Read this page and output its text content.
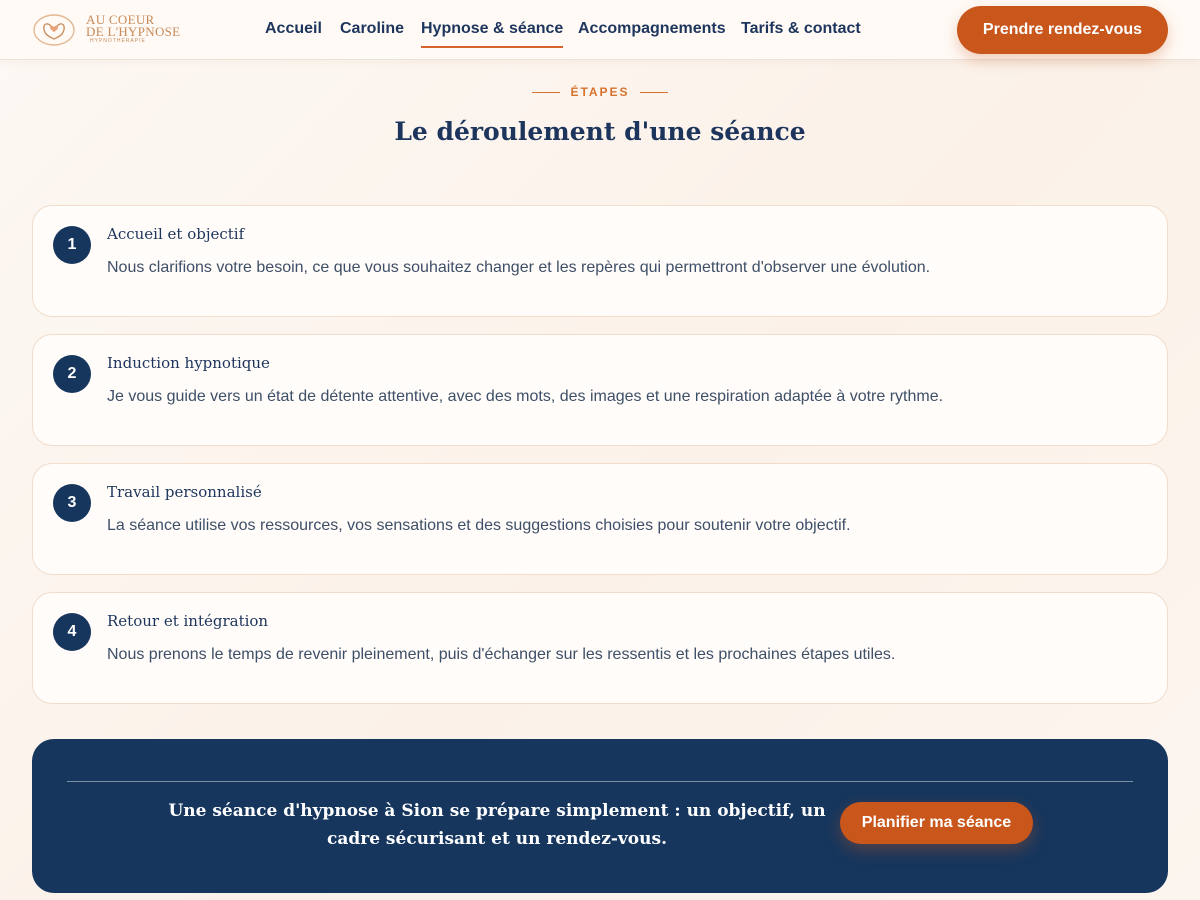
AU COEUR
DE L'HYPNOSE
HYPNOTHÉRAPIE
Accueil Caroline Hypnose & séance Accompagnements Tarifs & contact	Prendre rendez-vous
ÉTAPES
Le déroulement d'une séance
1
Accueil et objectif
Nous clarifions votre besoin, ce que vous souhaitez changer et les repères qui permettront d'observer une évolution.
2
Induction hypnotique
Je vous guide vers un état de détente attentive, avec des mots, des images et une respiration adaptée à votre rythme.
3
Travail personnalisé
La séance utilise vos ressources, vos sensations et des suggestions choisies pour soutenir votre objectif.
4
Retour et intégration
Nous prenons le temps de revenir pleinement, puis d'échanger sur les ressentis et les prochaines étapes utiles.
Une séance d'hypnose à Sion se prépare simplement : un objectif, un cadre sécurisant et un rendez-vous.
Planifier ma séance
